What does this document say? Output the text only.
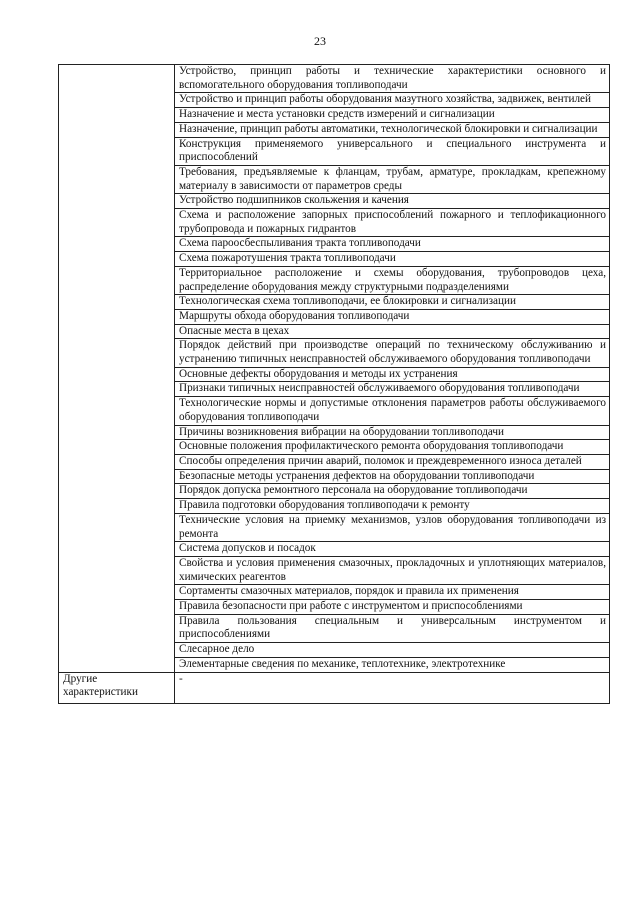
23
	Устройство, принцип работы и технические характеристики основного и вспомогательного оборудования топливоподачи
	Устройство и принцип работы оборудования мазутного хозяйства, задвижек, вентилей
	Назначение и места установки средств измерений и сигнализации
	Назначение, принцип работы автоматики, технологической блокировки и сигнализации
	Конструкция применяемого универсального и специального инструмента и приспособлений
	Требования, предъявляемые к фланцам, трубам, арматуре, прокладкам, крепежному материалу в зависимости от параметров среды
	Устройство подшипников скольжения и качения
	Схема и расположение запорных приспособлений пожарного и теплофикационного трубопровода и пожарных гидрантов
	Схема пароосбеспыливания тракта топливоподачи
	Схема пожаротушения тракта топливоподачи
	Территориальное расположение и схемы оборудования, трубопроводов цеха, распределение оборудования между структурными подразделениями
	Технологическая схема топливоподачи, ее блокировки и сигнализации
	Маршруты обхода оборудования топливоподачи
	Опасные места в цехах
	Порядок действий при производстве операций по техническому обслуживанию и устранению типичных неисправностей обслуживаемого оборудования топливоподачи
	Основные дефекты оборудования и методы их устранения
	Признаки типичных неисправностей обслуживаемого оборудования топливоподачи
	Технологические нормы и допустимые отклонения параметров работы обслуживаемого оборудования топливоподачи
	Причины возникновения вибрации на оборудовании топливоподачи
	Основные положения профилактического ремонта оборудования топливоподачи
	Способы определения причин аварий, поломок и преждевременного износа деталей
	Безопасные методы устранения дефектов на оборудовании топливоподачи
	Порядок допуска ремонтного персонала на оборудование топливоподачи
	Правила подготовки оборудования топливоподачи к ремонту
	Технические условия на приемку механизмов, узлов оборудования топливоподачи из ремонта
	Система допусков и посадок
	Свойства и условия применения смазочных, прокладочных и уплотняющих материалов, химических реагентов
	Сортаменты смазочных материалов, порядок и правила их применения
	Правила безопасности при работе с инструментом и приспособлениями
	Правила пользования специальным и универсальным инструментом и приспособлениями
	Слесарное дело
	Элементарные сведения по механике, теплотехнике, электротехнике
Другие характеристики	-
